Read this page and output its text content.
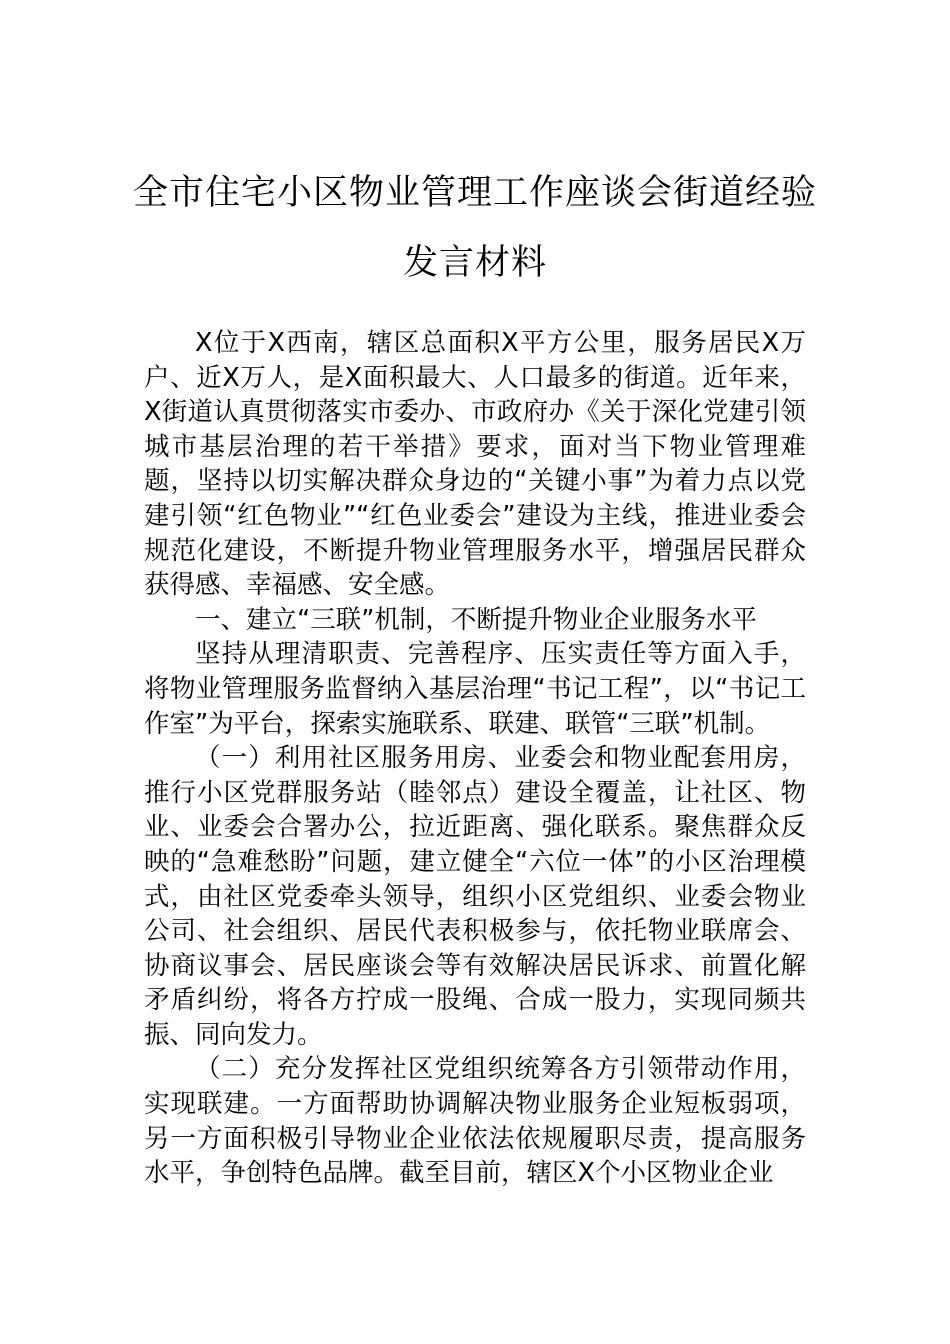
全市住宅小区物业管理工作座谈会街道经验发言材料

X位于X西南，辖区总面积X平方公里，服务居民X万户、近X万人，是X面积最大、人口最多的街道。近年来，X街道认真贯彻落实市委办、市政府办《关于深化党建引领城市基层治理的若干举措》要求，面对当下物业管理难题，坚持以切实解决群众身边的“关键小事”为着力点以党建引领“红色物业”“红色业委会”建设为主线，推进业委会规范化建设，不断提升物业管理服务水平，增强居民群众获得感、幸福感、安全感。

一、建立“三联”机制，不断提升物业企业服务水平

坚持从理清职责、完善程序、压实责任等方面入手，将物业管理服务监督纳入基层治理“书记工程”，以“书记工作室”为平台，探索实施联系、联建、联管“三联”机制。

（一）利用社区服务用房、业委会和物业配套用房，推行小区党群服务站（睦邻点）建设全覆盖，让社区、物业、业委会合署办公，拉近距离、强化联系。聚焦群众反映的“急难愁盼”问题，建立健全“六位一体”的小区治理模式，由社区党委牵头领导，组织小区党组织、业委会物业公司、社会组织、居民代表积极参与，依托物业联席会、协商议事会、居民座谈会等有效解决居民诉求、前置化解矛盾纠纷，将各方拧成一股绳、合成一股力，实现同频共振、同向发力。

（二）充分发挥社区党组织统筹各方引领带动作用，实现联建。一方面帮助协调解决物业服务企业短板弱项，另一方面积极引导物业企业依法依规履职尽责，提高服务水平，争创特色品牌。截至目前，辖区X个小区物业企业
